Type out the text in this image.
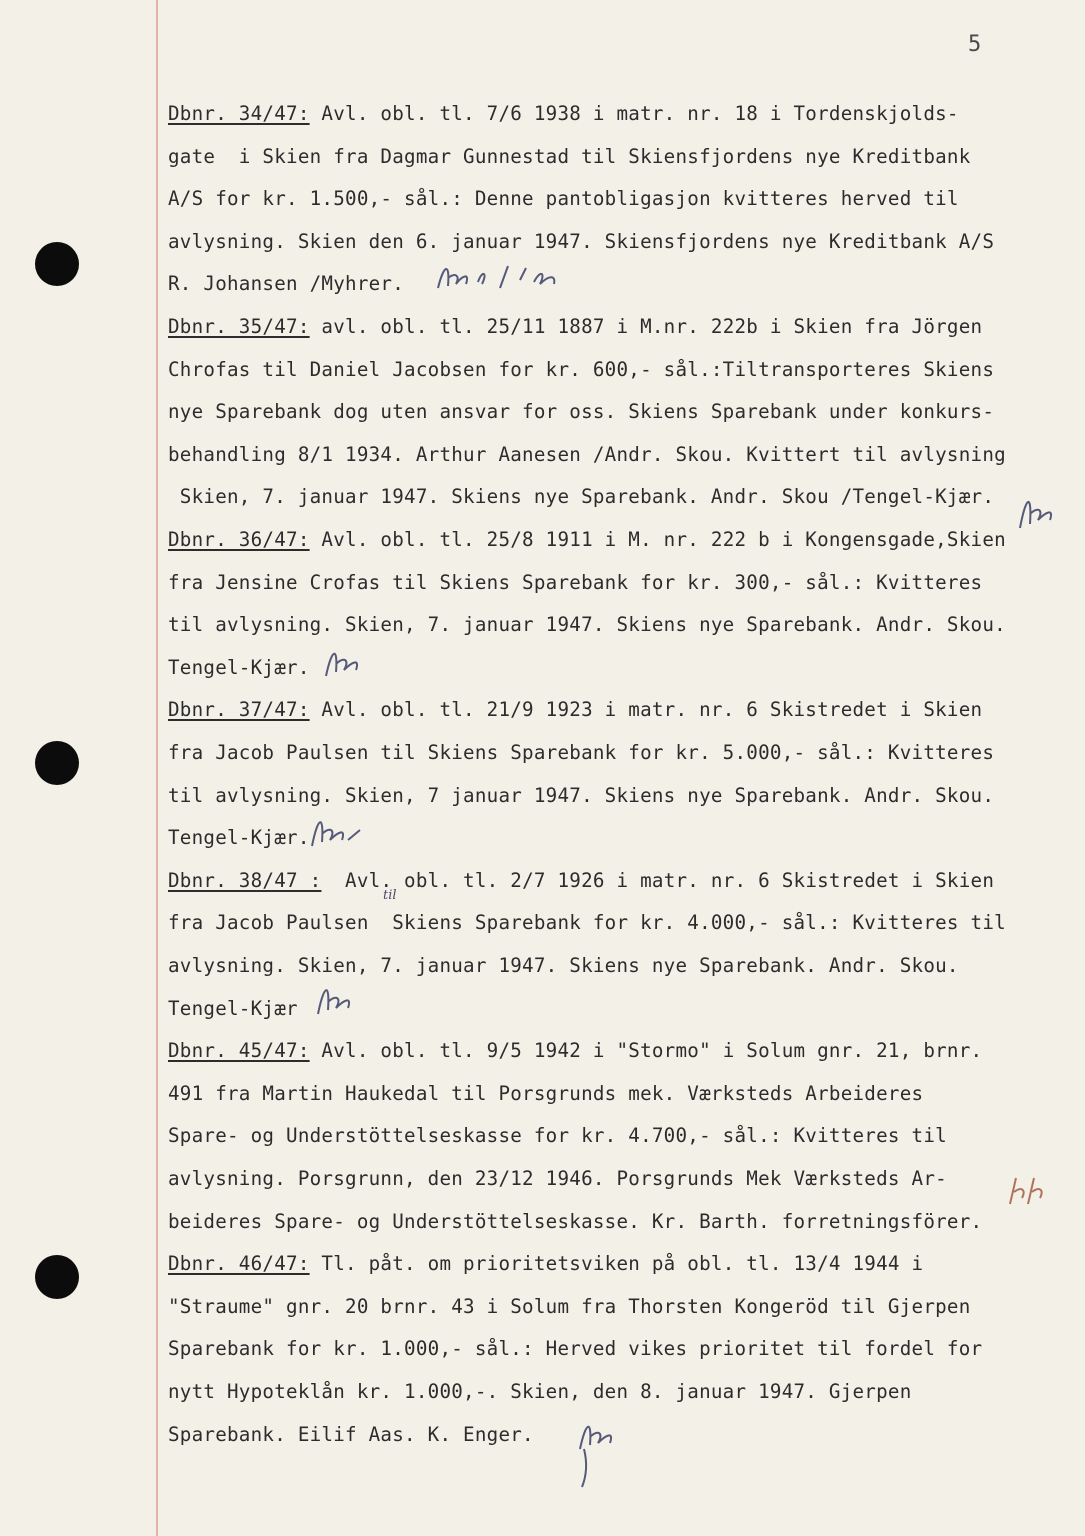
5
Dbnr. 34/47: Avl. obl. tl. 7/6 1938 i matr. nr. 18 i Tordenskjolds-
gate  i Skien fra Dagmar Gunnestad til Skiensfjordens nye Kreditbank
A/S for kr. 1.500,- sål.: Denne pantobligasjon kvitteres herved til
avlysning. Skien den 6. januar 1947. Skiensfjordens nye Kreditbank A/S
R. Johansen /Myhrer.
Dbnr. 35/47: avl. obl. tl. 25/11 1887 i M.nr. 222b i Skien fra Jörgen
Chrofas til Daniel Jacobsen for kr. 600,- sål.:Tiltransporteres Skiens
nye Sparebank dog uten ansvar for oss. Skiens Sparebank under konkurs-
behandling 8/1 1934. Arthur Aanesen /Andr. Skou. Kvittert til avlysning
Skien, 7. januar 1947. Skiens nye Sparebank. Andr. Skou /Tengel-Kjær.
Dbnr. 36/47: Avl. obl. tl. 25/8 1911 i M. nr. 222 b i Kongensgade,Skien
fra Jensine Crofas til Skiens Sparebank for kr. 300,- sål.: Kvitteres
til avlysning. Skien, 7. januar 1947. Skiens nye Sparebank. Andr. Skou.
Tengel-Kjær.
Dbnr. 37/47: Avl. obl. tl. 21/9 1923 i matr. nr. 6 Skistredet i Skien
fra Jacob Paulsen til Skiens Sparebank for kr. 5.000,- sål.: Kvitteres
til avlysning. Skien, 7 januar 1947. Skiens nye Sparebank. Andr. Skou.
Tengel-Kjær.
Dbnr. 38/47 :  Avl. obl. tl. 2/7 1926 i matr. nr. 6 Skistredet i Skien
fra Jacob Paulsen  Skiens Sparebank for kr. 4.000,- sål.: Kvitteres til
avlysning. Skien, 7. januar 1947. Skiens nye Sparebank. Andr. Skou.
Tengel-Kjær
Dbnr. 45/47: Avl. obl. tl. 9/5 1942 i "Stormo" i Solum gnr. 21, brnr.
491 fra Martin Haukedal til Porsgrunds mek. Værksteds Arbeideres
Spare- og Understöttelseskasse for kr. 4.700,- sål.: Kvitteres til
avlysning. Porsgrunn, den 23/12 1946. Porsgrunds Mek Værksteds Ar-
beideres Spare- og Understöttelseskasse. Kr. Barth. forretningsförer.
Dbnr. 46/47: Tl. påt. om prioritetsviken på obl. tl. 13/4 1944 i
"Straume" gnr. 20 brnr. 43 i Solum fra Thorsten Kongeröd til Gjerpen
Sparebank for kr. 1.000,- sål.: Herved vikes prioritet til fordel for
nytt Hypoteklån kr. 1.000,-. Skien, den 8. januar 1947. Gjerpen
Sparebank. Eilif Aas. K. Enger.
til
